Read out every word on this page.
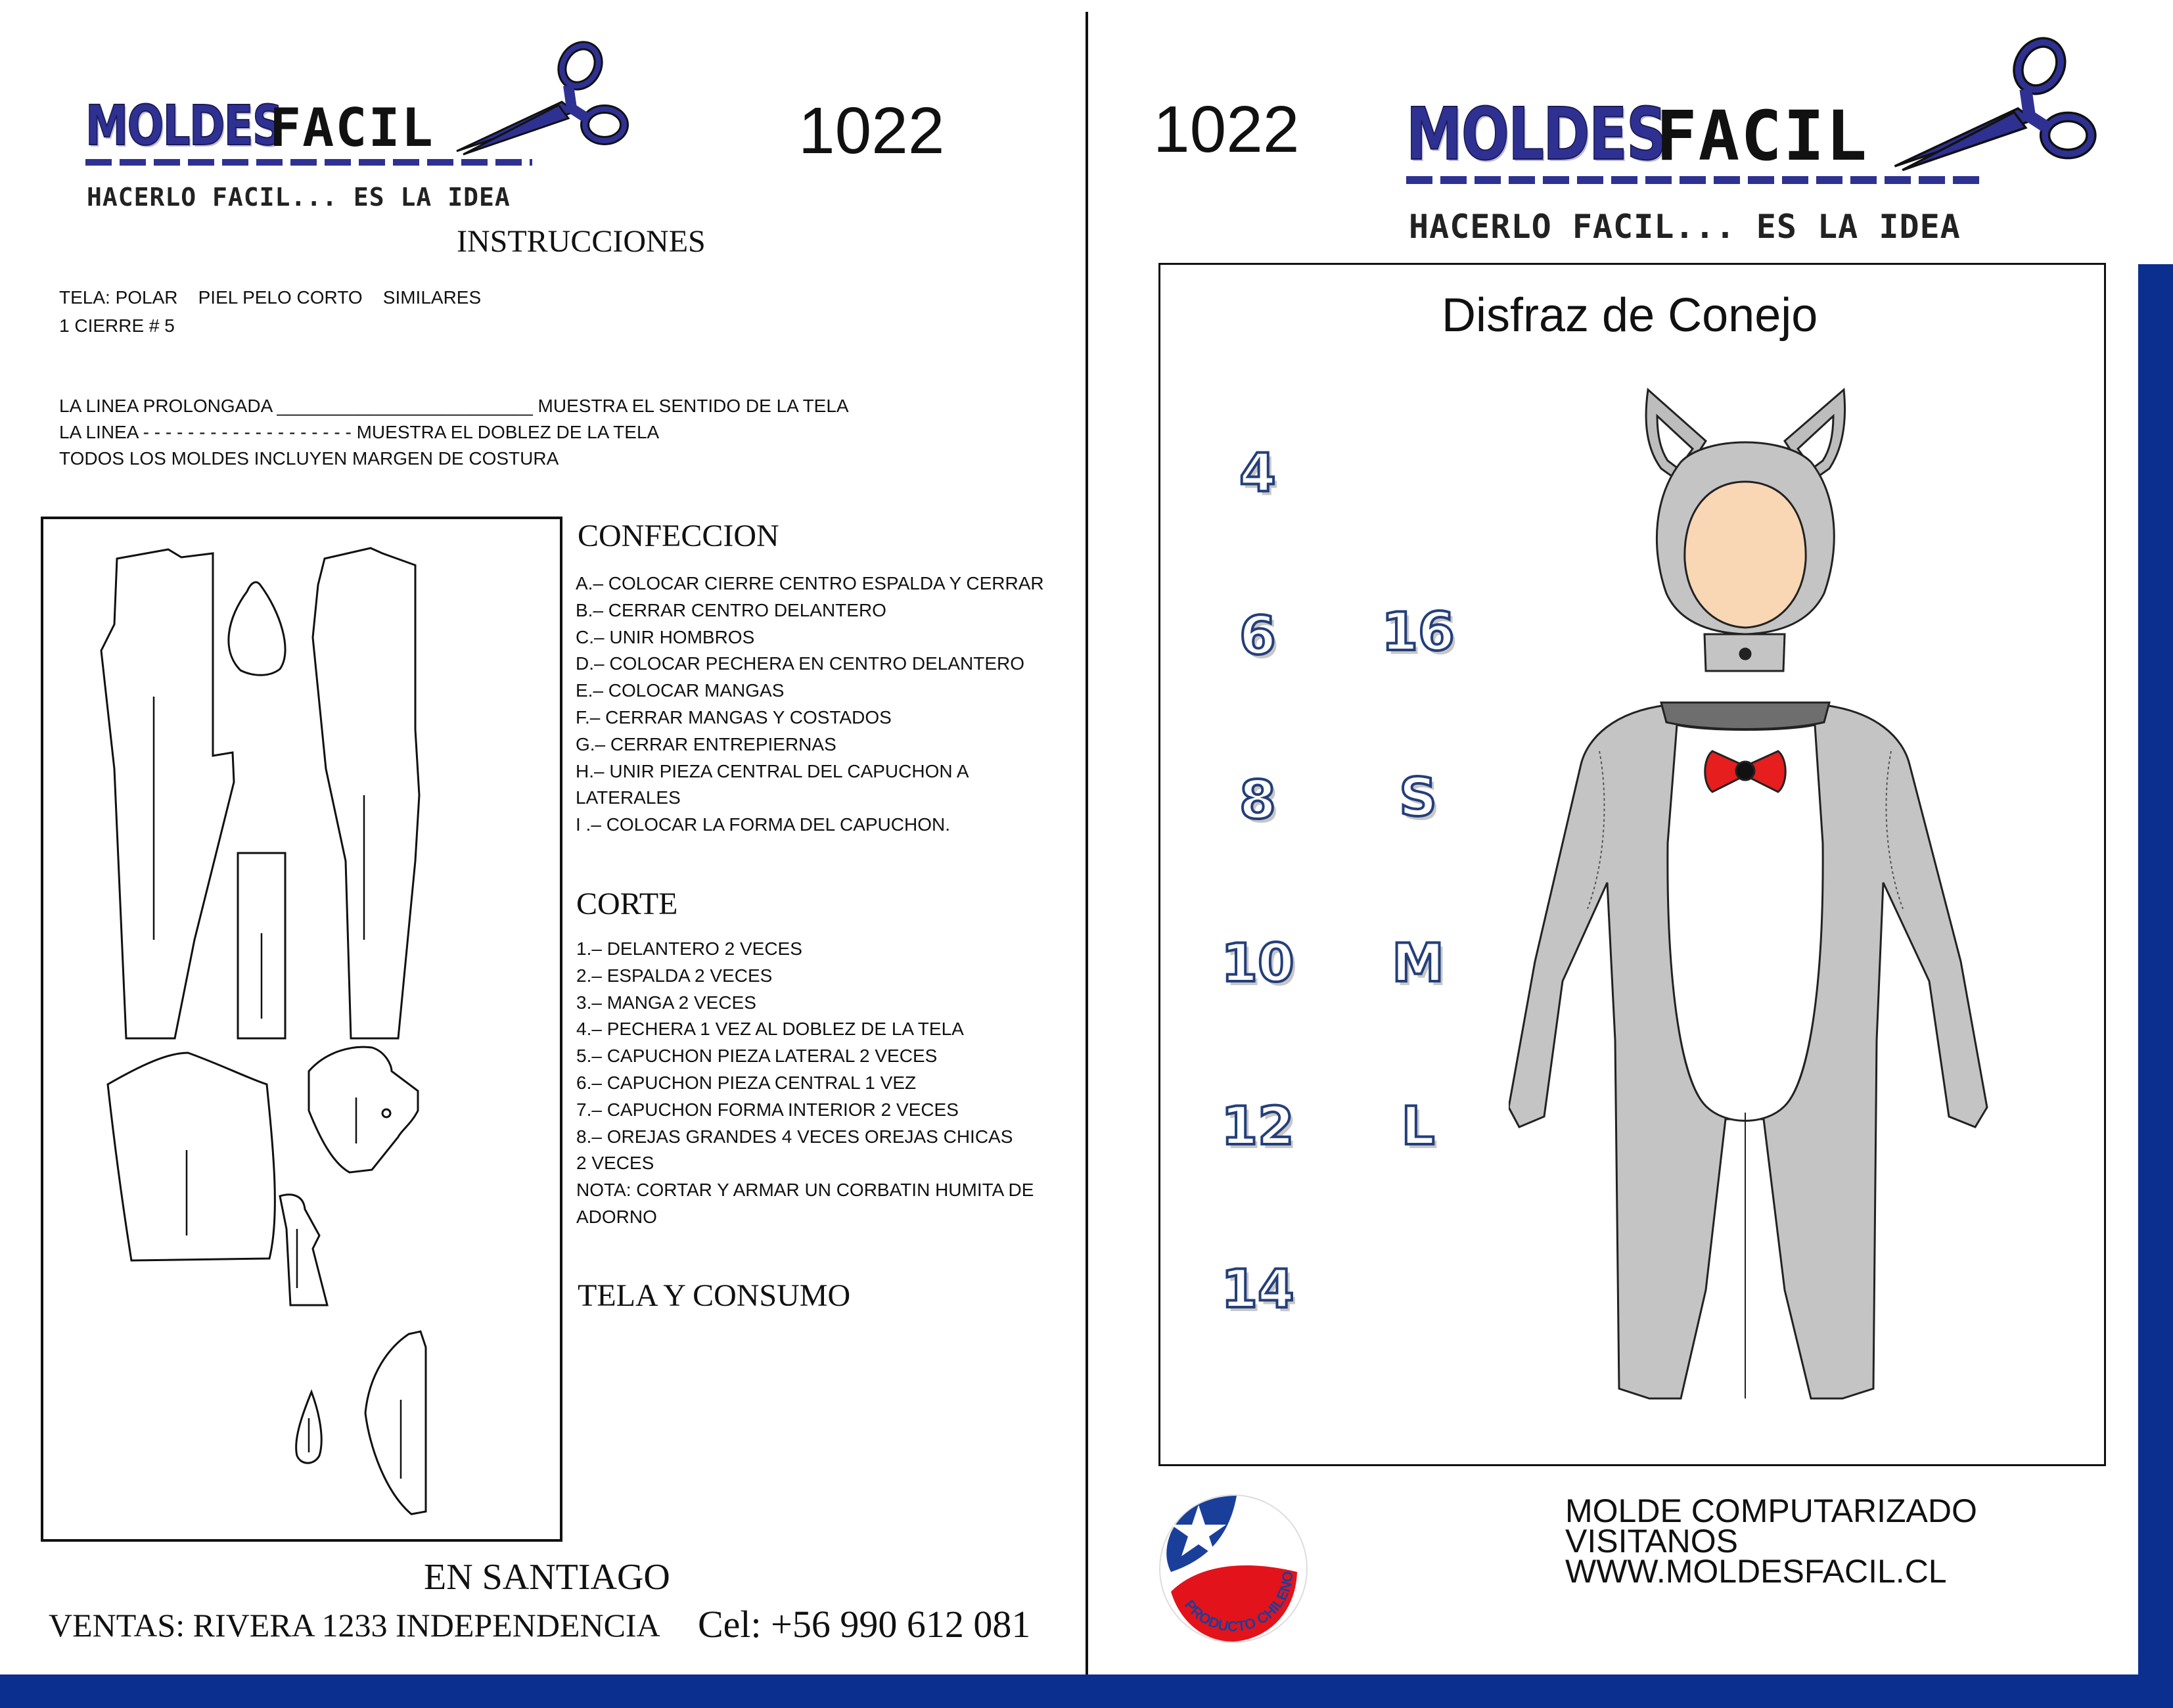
MOLDES
FACIL
HACERLO FACIL... ES LA IDEA
1022
INSTRUCCIONES
TELA: POLAR    PIEL PELO CORTO    SIMILARES
1 CIERRE # 5
LA LINEA PROLONGADA _________________________ MUESTRA EL SENTIDO DE LA TELA
LA LINEA - - - - - - - - - - - - - - - - - - - MUESTRA EL DOBLEZ DE LA TELA
TODOS LOS MOLDES INCLUYEN MARGEN DE COSTURA
CONFECCION
A.– COLOCAR CIERRE CENTRO ESPALDA Y CERRAR
B.– CERRAR CENTRO DELANTERO
C.– UNIR HOMBROS
D.– COLOCAR PECHERA EN CENTRO DELANTERO
E.– COLOCAR MANGAS
F.– CERRAR MANGAS Y COSTADOS
G.– CERRAR ENTREPIERNAS
H.– UNIR PIEZA CENTRAL DEL CAPUCHON A LATERALES
I .– COLOCAR LA FORMA DEL CAPUCHON.
CORTE
1.– DELANTERO 2 VECES
2.– ESPALDA 2 VECES
3.– MANGA 2 VECES
4.– PECHERA 1 VEZ AL DOBLEZ DE LA TELA
5.– CAPUCHON PIEZA LATERAL 2 VECES
6.– CAPUCHON PIEZA CENTRAL 1 VEZ
7.– CAPUCHON FORMA INTERIOR 2 VECES
8.– OREJAS GRANDES 4 VECES OREJAS CHICAS 2 VECES
NOTA: CORTAR Y ARMAR UN CORBATIN HUMITA DE ADORNO
TELA Y CONSUMO
EN SANTIAGO
VENTAS: RIVERA 1233 INDEPENDENCIA Cel: +56 990 612 081
1022 MOLDES
FACIL
HACERLO FACIL... ES LA IDEA
Disfraz de Conejo
4
6
8
10
12
14
16
S
M
L
PRODUCTO CHILENO
MOLDE COMPUTARIZADO
VISITANOS
WWW.MOLDESFACIL.CL
